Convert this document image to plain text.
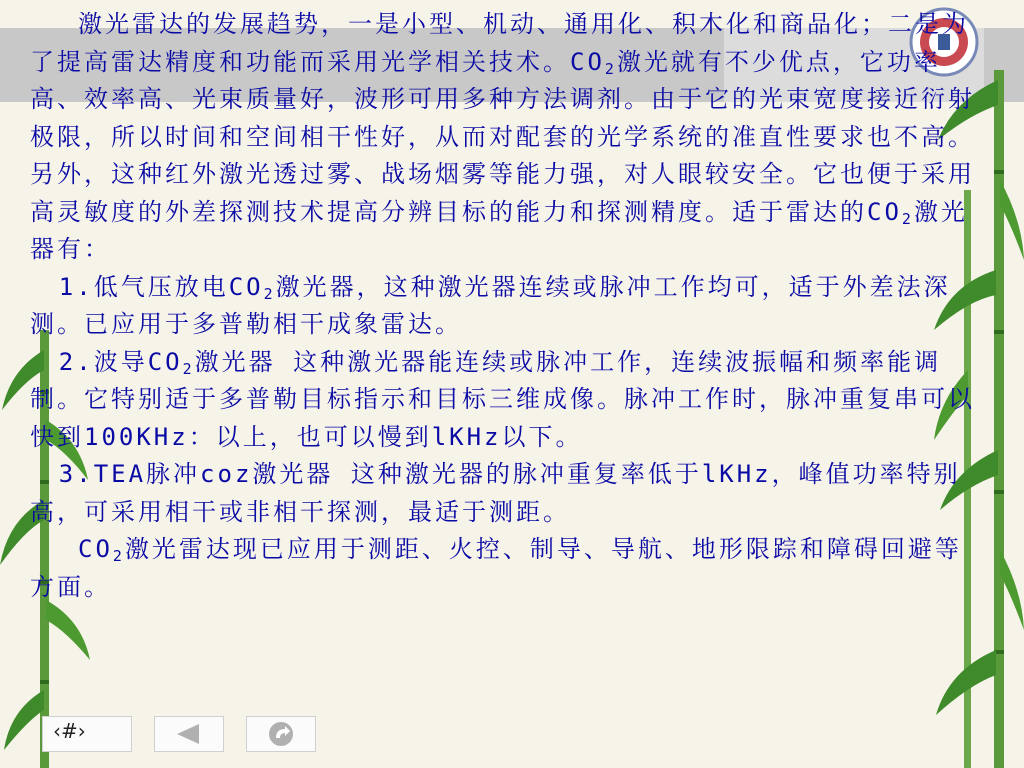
激光雷达的发展趋势，一是小型、机动、通用化、积木化和商品化；二是为了提高雷达精度和功能而采用光学相关技术。$CO_2$激光就有不少优点，它功率高、效率高、光束质量好，波形可用多种方法调剂。由于它的光束宽度接近衍射极限，所以时间和空间相干性好，从而对配套的光学系统的准直性要求也不高。另外，这种红外激光透过雾、战场烟雾等能力强，对人眼较安全。它也便于采用高灵敏度的外差探测技术提高分辨目标的能力和探测精度。适于雷达的$CO_2$激光器有：

1.低气压放电$CO_2$激光器，这种激光器连续或脉冲工作均可，适于外差法深测。已应用于多普勒相干成象雷达。

2.波导$CO_2$激光器 这种激光器能连续或脉冲工作，连续波振幅和频率能调制。它特别适于多普勒目标指示和目标三维成像。脉冲工作时，脉冲重复串可以快到100KHz：以上，也可以慢到lKHz以下。

3.TEA脉冲coz激光器 这种激光器的脉冲重复率低于lKHz，峰值功率特别高，可采用相干或非相干探测，最适于测距。

$CO_2$激光雷达现已应用于测距、火控、制导、导航、地形限踪和障碍回避等方面。

‹#›
